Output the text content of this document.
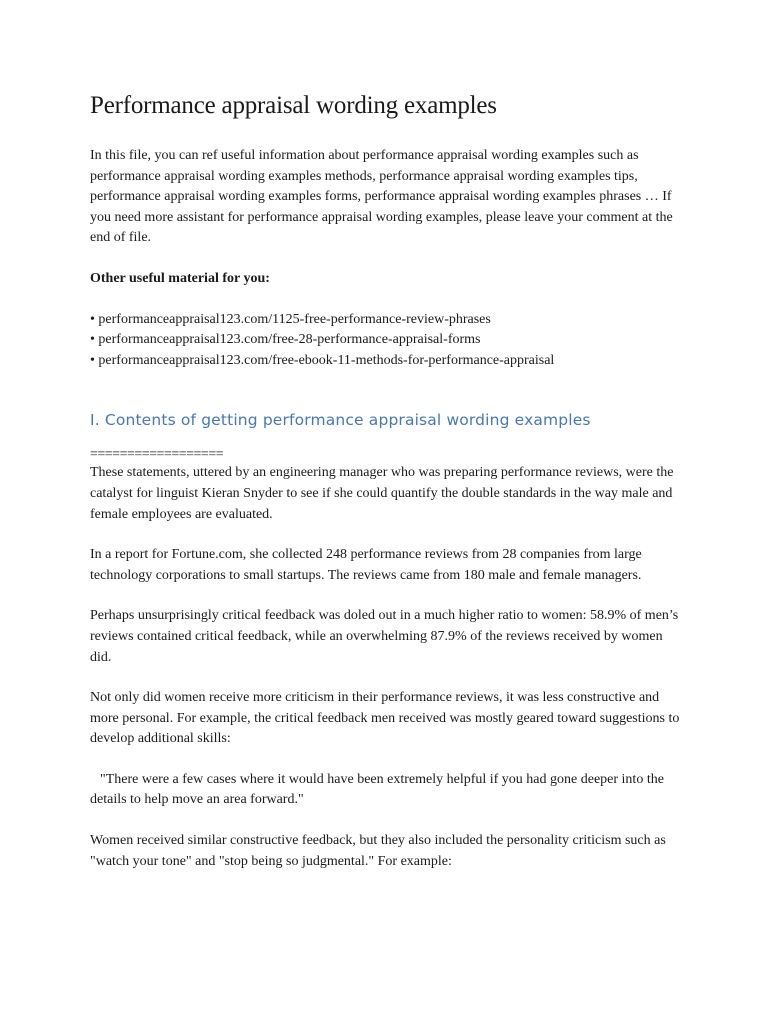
Performance appraisal wording examples

In this file, you can ref useful information about performance appraisal wording examples such as performance appraisal wording examples methods, performance appraisal wording examples tips, performance appraisal wording examples forms, performance appraisal wording examples phrases … If you need more assistant for performance appraisal wording examples, please leave your comment at the end of file.

Other useful material for you:

• performanceappraisal123.com/1125-free-performance-review-phrases
• performanceappraisal123.com/free-28-performance-appraisal-forms
• performanceappraisal123.com/free-ebook-11-methods-for-performance-appraisal
I. Contents of getting performance appraisal wording examples
==================

These statements, uttered by an engineering manager who was preparing performance reviews, were the catalyst for linguist Kieran Snyder to see if she could quantify the double standards in the way male and female employees are evaluated.

In a report for Fortune.com, she collected 248 performance reviews from 28 companies from large technology corporations to small startups. The reviews came from 180 male and female managers.

Perhaps unsurprisingly critical feedback was doled out in a much higher ratio to women: 58.9% of men’s reviews contained critical feedback, while an overwhelming 87.9% of the reviews received by women did.

Not only did women receive more criticism in their performance reviews, it was less constructive and more personal. For example, the critical feedback men received was mostly geared toward suggestions to develop additional skills:

"There were a few cases where it would have been extremely helpful if you had gone deeper into the details to help move an area forward."

Women received similar constructive feedback, but they also included the personality criticism such as "watch your tone" and "stop being so judgmental." For example:
